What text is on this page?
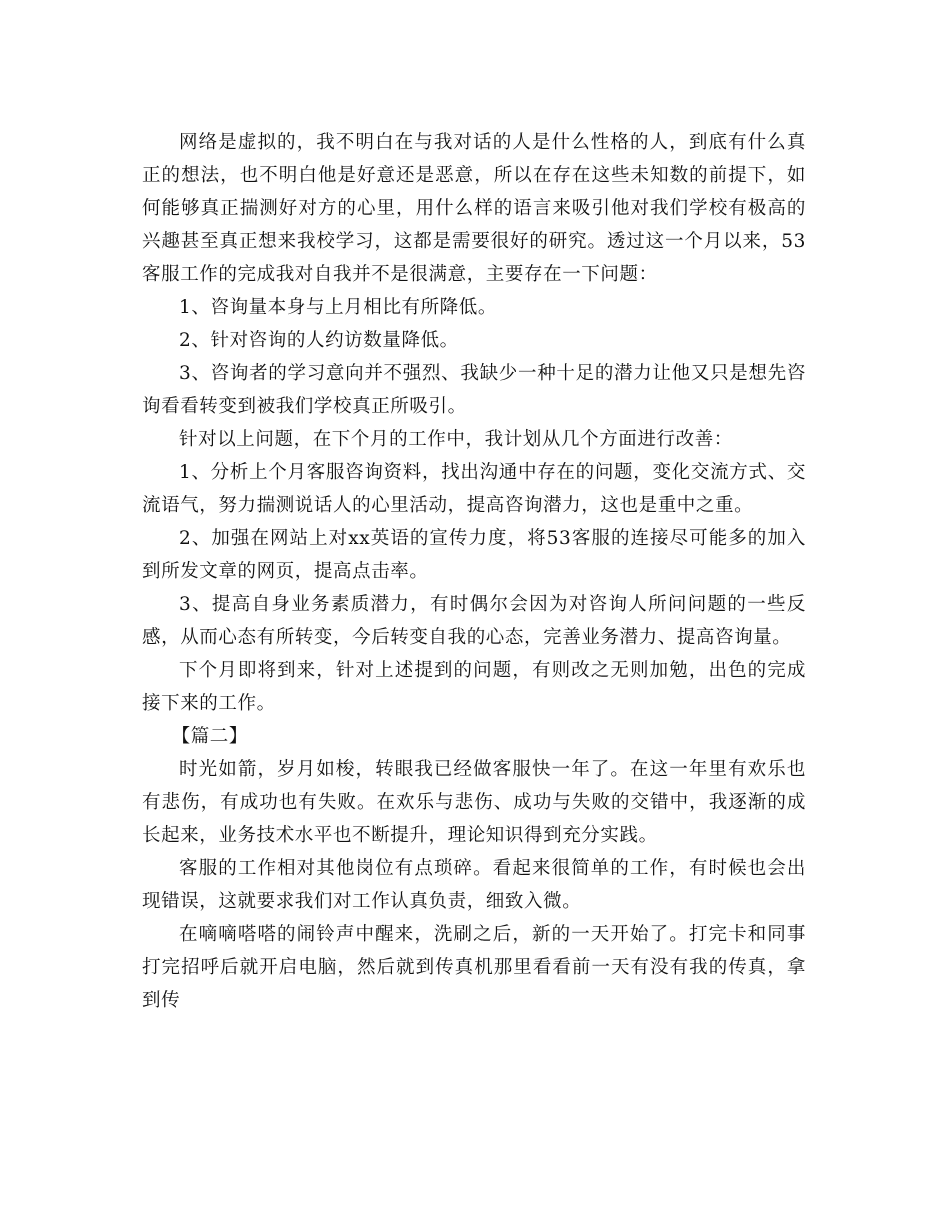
网络是虚拟的，我不明白在与我对话的人是什么性格的人，到底有什么真正的想法，也不明白他是好意还是恶意，所以在存在这些未知数的前提下，如何能够真正揣测好对方的心里，用什么样的语言来吸引他对我们学校有极高的兴趣甚至真正想来我校学习，这都是需要很好的研究。透过这一个月以来，53客服工作的完成我对自我并不是很满意，主要存在一下问题：

1、咨询量本身与上月相比有所降低。

2、针对咨询的人约访数量降低。

3、咨询者的学习意向并不强烈、我缺少一种十足的潜力让他又只是想先咨询看看转变到被我们学校真正所吸引。

针对以上问题，在下个月的工作中，我计划从几个方面进行改善：

1、分析上个月客服咨询资料，找出沟通中存在的问题，变化交流方式、交流语气，努力揣测说话人的心里活动，提高咨询潜力，这也是重中之重。

2、加强在网站上对xx英语的宣传力度，将53客服的连接尽可能多的加入到所发文章的网页，提高点击率。

3、提高自身业务素质潜力，有时偶尔会因为对咨询人所问问题的一些反感，从而心态有所转变，今后转变自我的心态，完善业务潜力、提高咨询量。

下个月即将到来，针对上述提到的问题，有则改之无则加勉，出色的完成接下来的工作。

【篇二】

时光如箭，岁月如梭，转眼我已经做客服快一年了。在这一年里有欢乐也有悲伤，有成功也有失败。在欢乐与悲伤、成功与失败的交错中，我逐渐的成长起来，业务技术水平也不断提升，理论知识得到充分实践。

客服的工作相对其他岗位有点琐碎。看起来很简单的工作，有时候也会出现错误，这就要求我们对工作认真负责，细致入微。

在嘀嘀嗒嗒的闹铃声中醒来，洗刷之后，新的一天开始了。打完卡和同事打完招呼后就开启电脑，然后就到传真机那里看看前一天有没有我的传真，拿到传
